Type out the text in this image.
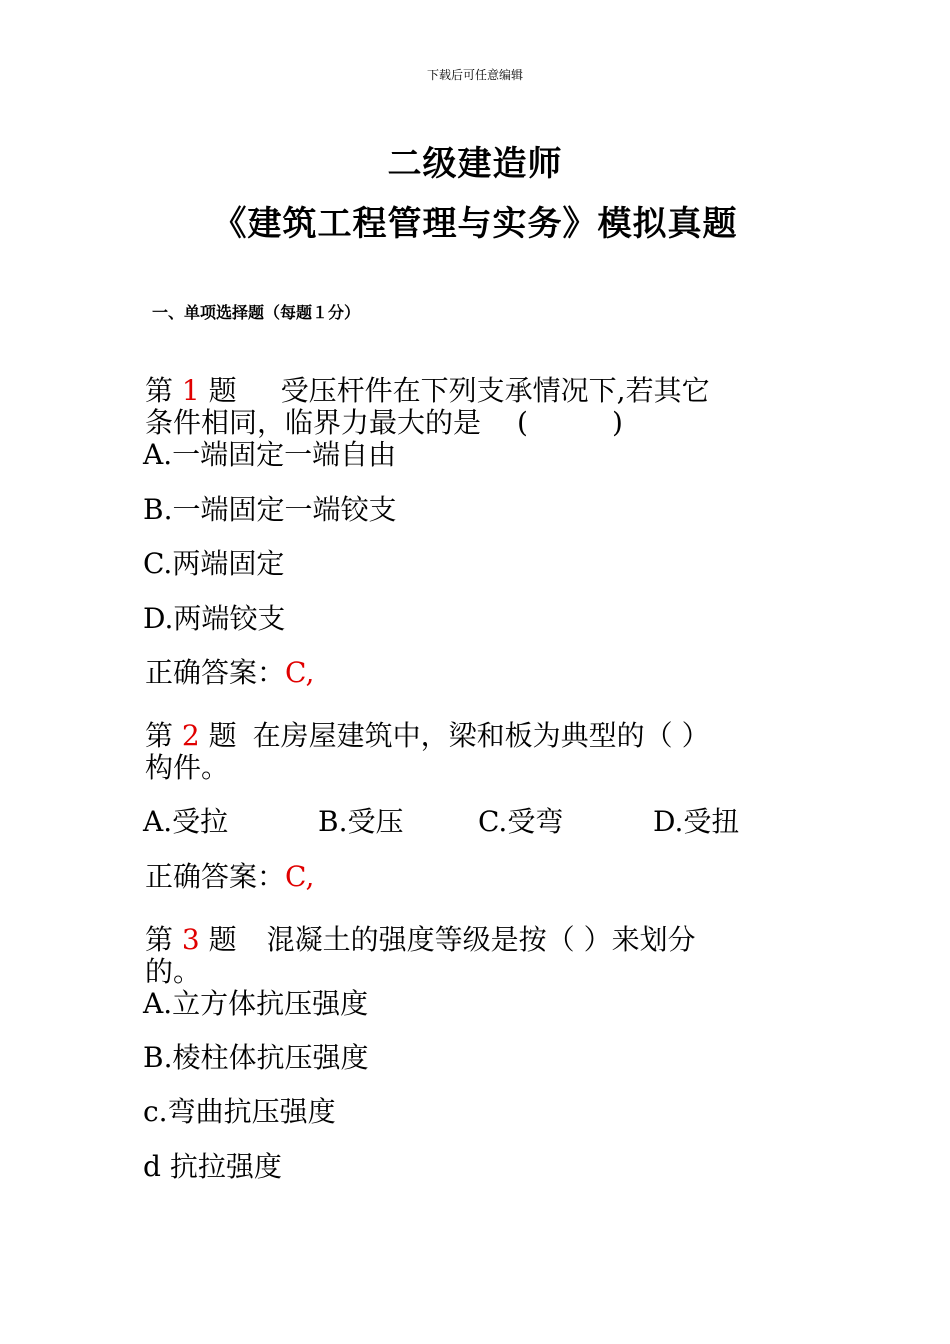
下载后可任意编辑
二级建造师
《建筑工程管理与实务》模拟真题
一、单项选择题（每题１分）
第 1 题 受压杆件在下列支承情况下,若其它
条件相同，临界力最大的是 (　　　)
A.一端固定一端自由
B.一端固定一端铰支
C.两端固定
D.两端铰支
正确答案：C,
第 2 题 在房屋建筑中，梁和板为典型的（ ）
构件。
A.受拉	B.受压	C.受弯	D.受扭
正确答案：C,
第 3 题 混凝土的强度等级是按（ ）来划分
的。
A.立方体抗压强度
B.棱柱体抗压强度
c.弯曲抗压强度
d 抗拉强度
